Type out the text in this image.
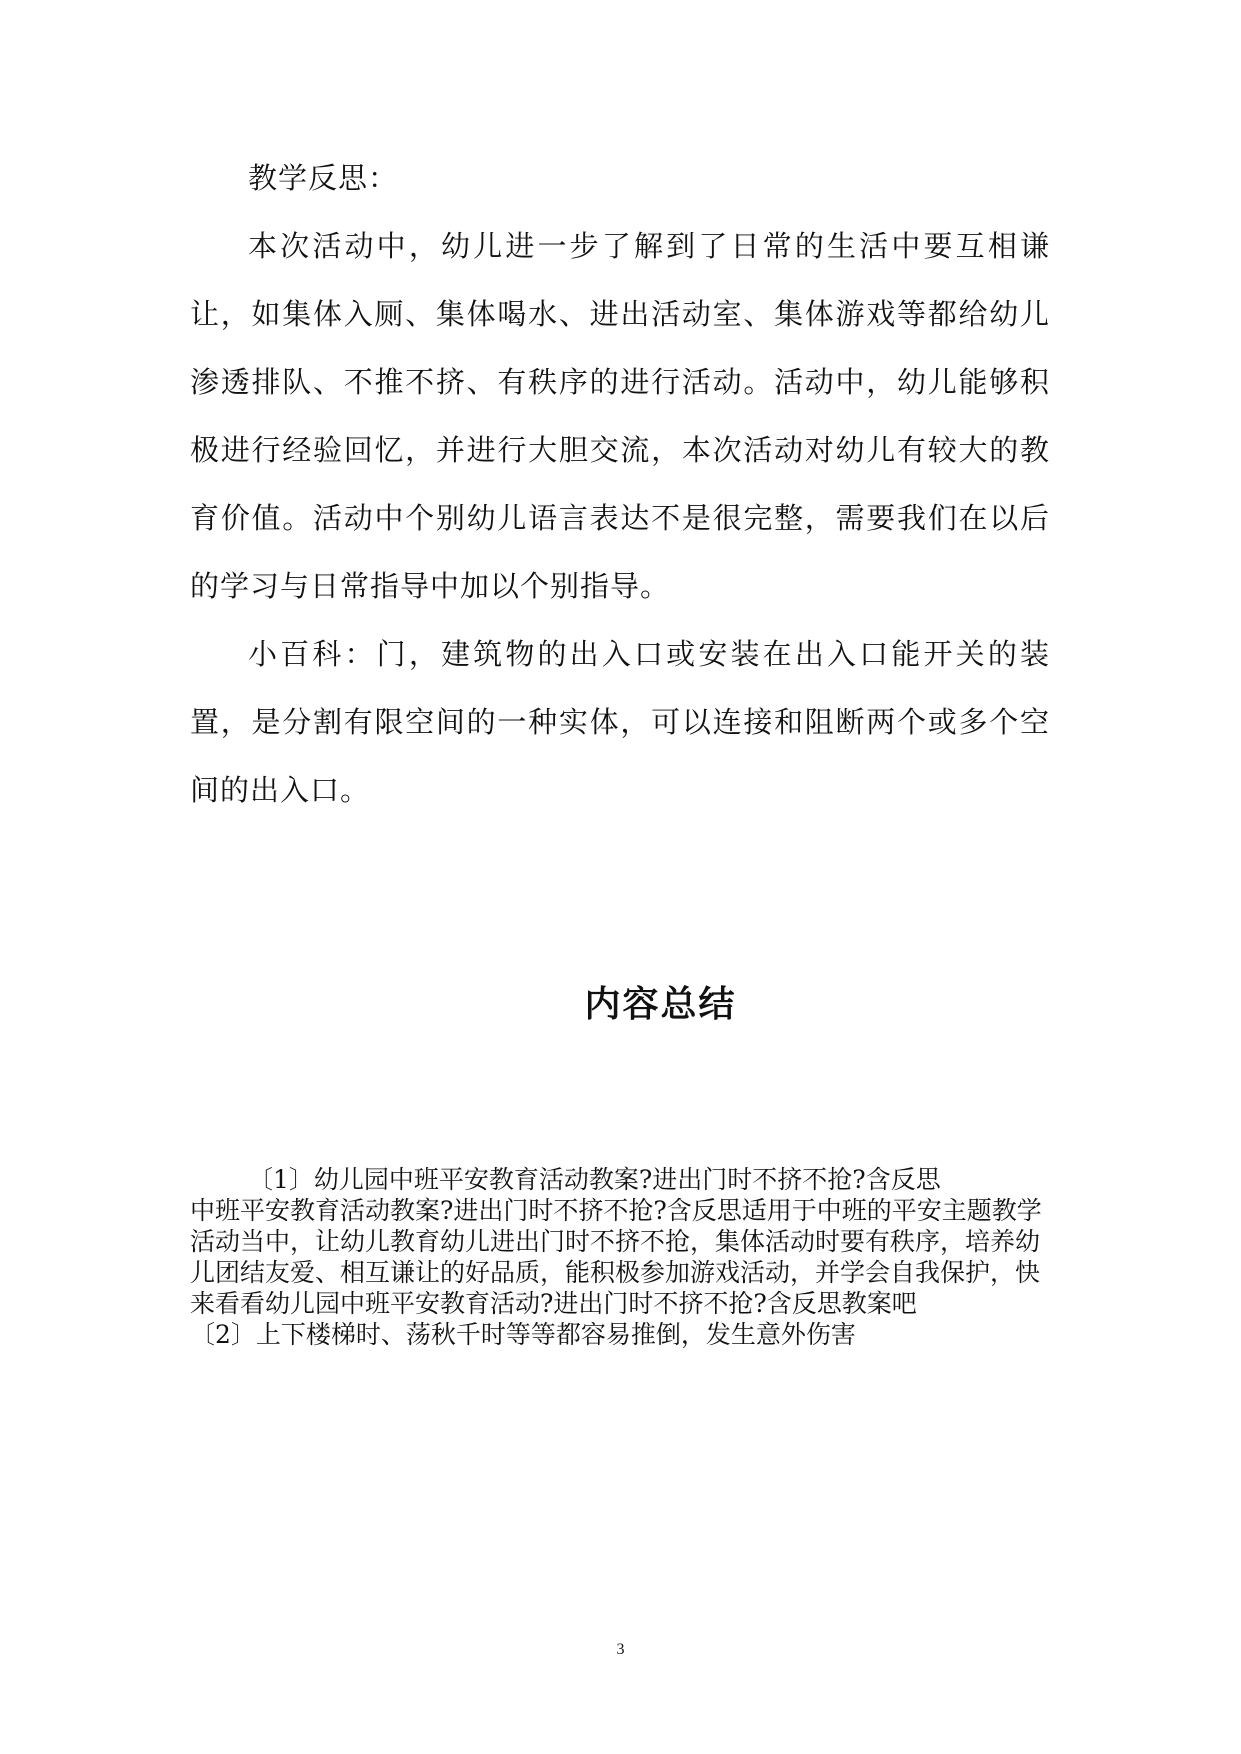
教学反思：

本次活动中，幼儿进一步了解到了日常的生活中要互相谦让，如集体入厕、集体喝水、进出活动室、集体游戏等都给幼儿渗透排队、不推不挤、有秩序的进行活动。活动中，幼儿能够积极进行经验回忆，并进行大胆交流，本次活动对幼儿有较大的教育价值。活动中个别幼儿语言表达不是很完整，需要我们在以后的学习与日常指导中加以个别指导。

小百科：门，建筑物的出入口或安装在出入口能开关的装置，是分割有限空间的一种实体，可以连接和阻断两个或多个空间的出入口。

内容总结

〔1〕幼儿园中班平安教育活动教案?进出门时不挤不抢?含反思

中班平安教育活动教案?进出门时不挤不抢?含反思适用于中班的平安主题教学活动当中，让幼儿教育幼儿进出门时不挤不抢，集体活动时要有秩序，培养幼儿团结友爱、相互谦让的好品质，能积极参加游戏活动，并学会自我保护，快来看看幼儿园中班平安教育活动?进出门时不挤不抢?含反思教案吧

〔2〕上下楼梯时、荡秋千时等等都容易推倒，发生意外伤害

3
